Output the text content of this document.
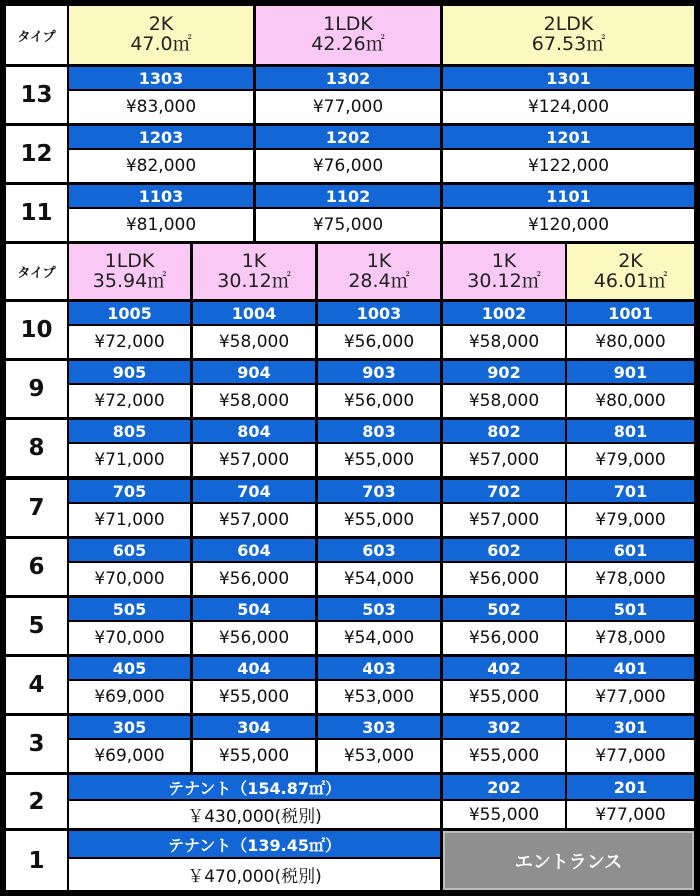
タイプ
2K
47.0㎡
1LDK
42.26㎡
2LDK
67.53㎡
13
1303
¥83,000
1302
¥77,000
1301
¥124,000
12
1203
¥82,000
1202
¥76,000
1201
¥122,000
11
1103
¥81,000
1102
¥75,000
1101
¥120,000
タイプ
1LDK
35.94㎡
1K
30.12㎡
1K
28.4㎡
1K
30.12㎡
2K
46.01㎡
10
1005
¥72,000
1004
¥58,000
1003
¥56,000
1002
¥58,000
1001
¥80,000
9
905
¥72,000
904
¥58,000
903
¥56,000
902
¥58,000
901
¥80,000
8
805
¥71,000
804
¥57,000
803
¥55,000
802
¥57,000
801
¥79,000
7
705
¥71,000
704
¥57,000
703
¥55,000
702
¥57,000
701
¥79,000
6
605
¥70,000
604
¥56,000
603
¥54,000
602
¥56,000
601
¥78,000
5
505
¥70,000
504
¥56,000
503
¥54,000
502
¥56,000
501
¥78,000
4
405
¥69,000
404
¥55,000
403
¥53,000
402
¥55,000
401
¥77,000
3
305
¥69,000
304
¥55,000
303
¥53,000
302
¥55,000
301
¥77,000
2
テナント（154.87㎡）
￥430,000(税別)
202
¥55,000
201
¥77,000
1
テナント（139.45㎡）
￥470,000(税別)
エントランス
